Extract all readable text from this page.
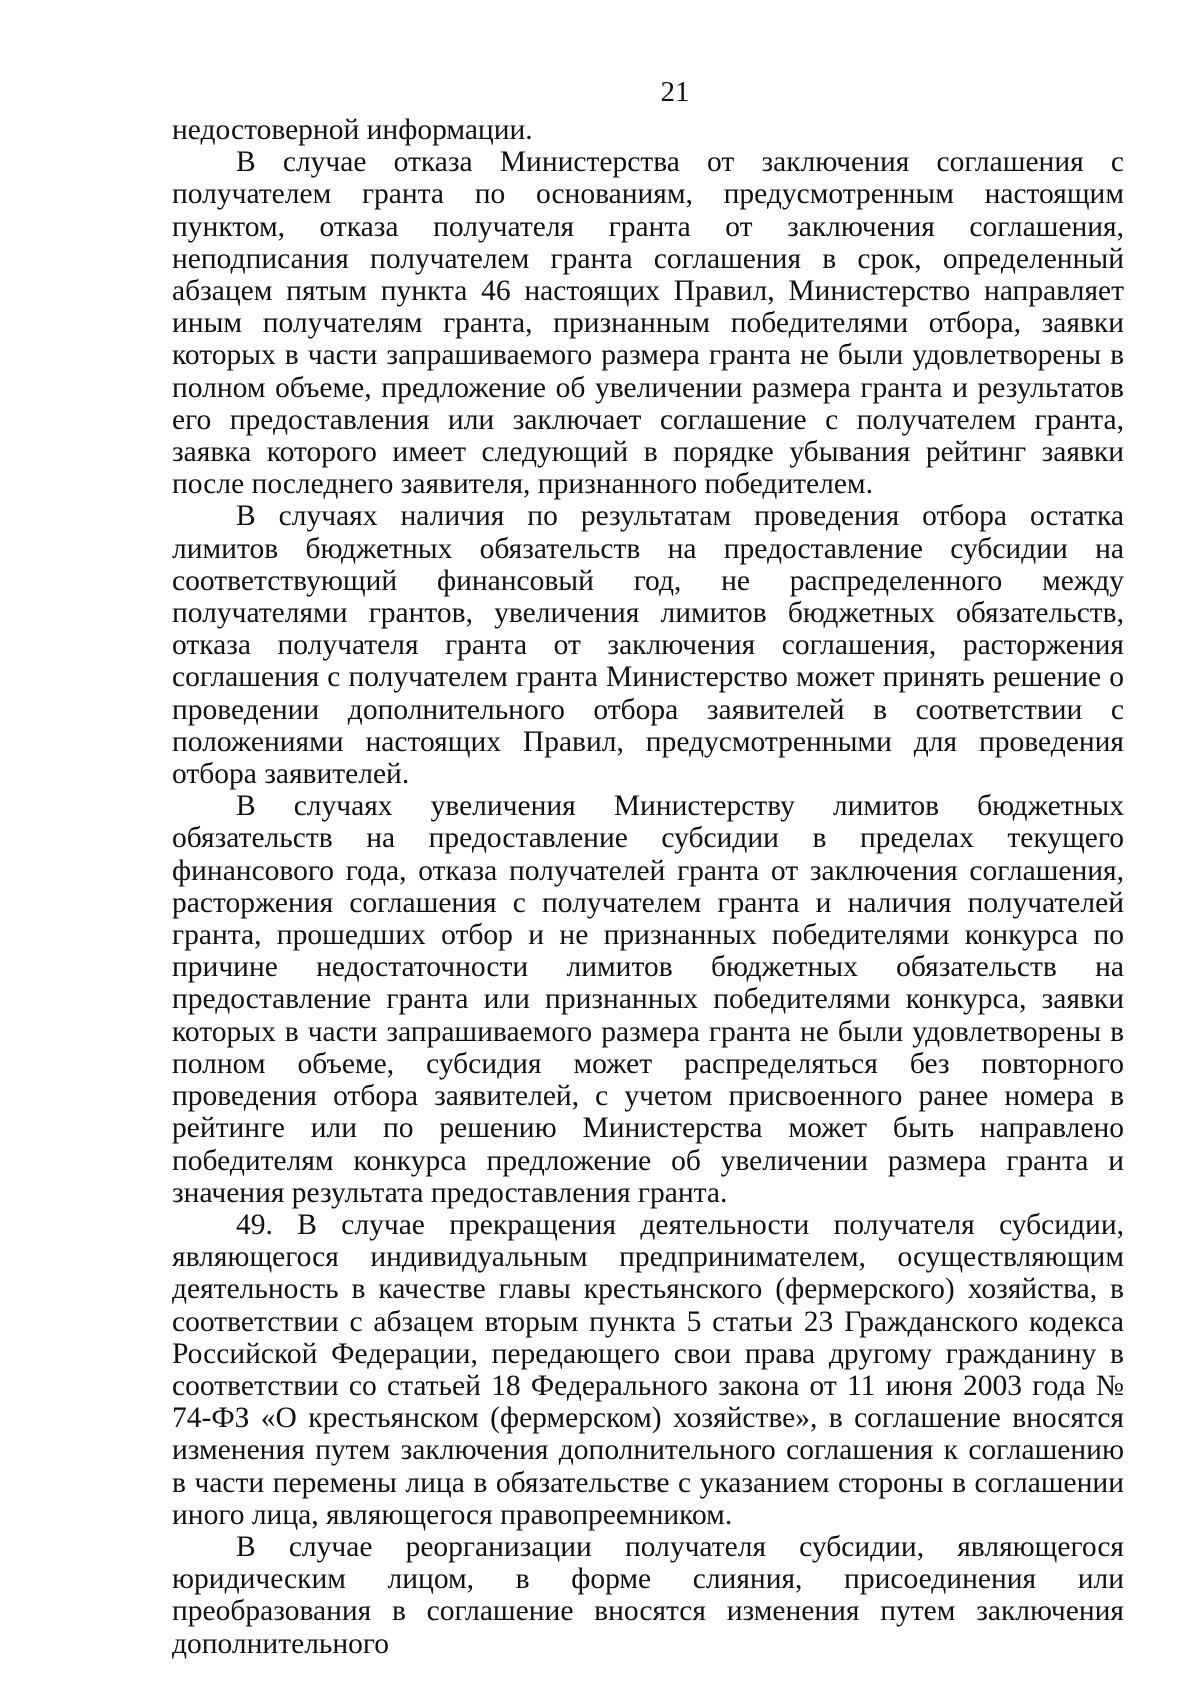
21

недостоверной информации.

В случае отказа Министерства от заключения соглашения с получателем гранта по основаниям, предусмотренным настоящим пунктом, отказа получателя гранта от заключения соглашения, неподписания получателем гранта соглашения в срок, определенный абзацем пятым пункта 46 настоящих Правил, Министерство направляет иным получателям гранта, признанным победителями отбора, заявки которых в части запрашиваемого размера гранта не были удовлетворены в полном объеме, предложение об увеличении размера гранта и результатов его предоставления или заключает соглашение с получателем гранта, заявка которого имеет следующий в порядке убывания рейтинг заявки после последнего заявителя, признанного победителем.

В случаях наличия по результатам проведения отбора остатка лимитов бюджетных обязательств на предоставление субсидии на соответствующий финансовый год, не распределенного между получателями грантов, увеличения лимитов бюджетных обязательств, отказа получателя гранта от заключения соглашения, расторжения соглашения с получателем гранта Министерство может принять решение о проведении дополнительного отбора заявителей в соответствии с положениями настоящих Правил, предусмотренными для проведения отбора заявителей.

В случаях увеличения Министерству лимитов бюджетных обязательств на предоставление субсидии в пределах текущего финансового года, отказа получателей гранта от заключения соглашения, расторжения соглашения с получателем гранта и наличия получателей гранта, прошедших отбор и не признанных победителями конкурса по причине недостаточности лимитов бюджетных обязательств на предоставление гранта или признанных победителями конкурса, заявки которых в части запрашиваемого размера гранта не были удовлетворены в полном объеме, субсидия может распределяться без повторного проведения отбора заявителей, с учетом присвоенного ранее номера в рейтинге или по решению Министерства может быть направлено победителям конкурса предложение об увеличении размера гранта и значения результата предоставления гранта.

49. В случае прекращения деятельности получателя субсидии, являющегося индивидуальным предпринимателем, осуществляющим деятельность в качестве главы крестьянского (фермерского) хозяйства, в соответствии с абзацем вторым пункта 5 статьи 23 Гражданского кодекса Российской Федерации, передающего свои права другому гражданину в соответствии со статьей 18 Федерального закона от 11 июня 2003 года № 74-ФЗ «О крестьянском (фермерском) хозяйстве», в соглашение вносятся изменения путем заключения дополнительного соглашения к соглашению в части перемены лица в обязательстве с указанием стороны в соглашении иного лица, являющегося правопреемником.

В случае реорганизации получателя субсидии, являющегося юридическим лицом, в форме слияния, присоединения или преобразования в соглашение вносятся изменения путем заключения дополнительного
